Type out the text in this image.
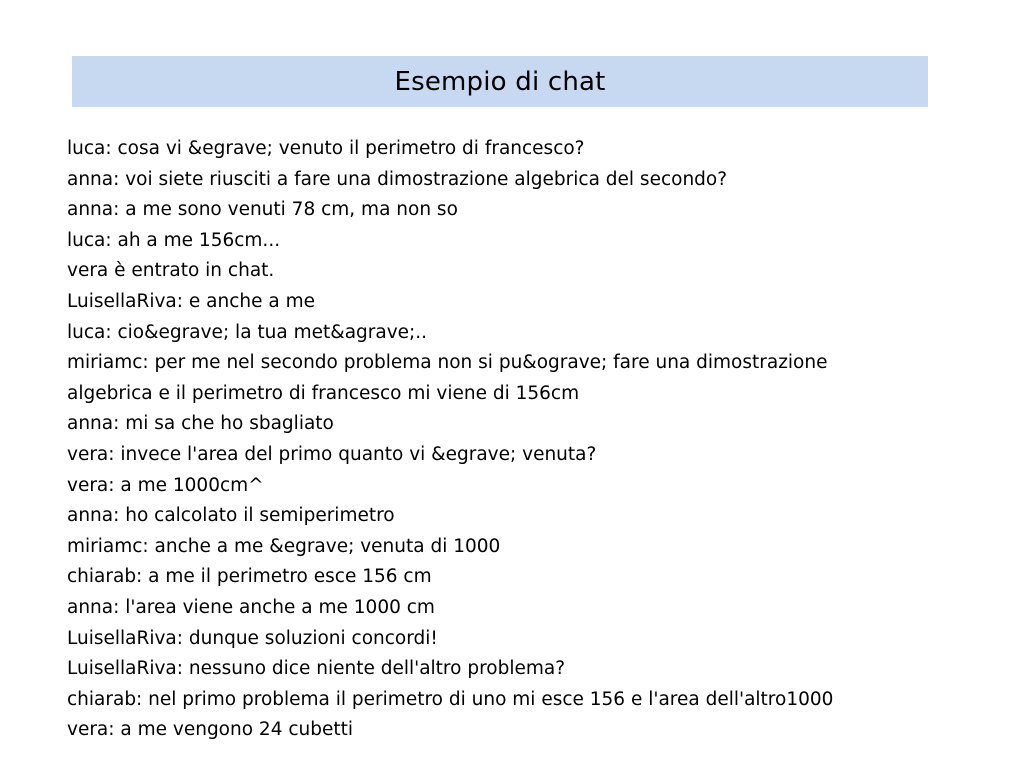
Esempio di chat
luca: cosa vi &egrave; venuto il perimetro di francesco?
anna: voi siete riusciti a fare una dimostrazione algebrica del secondo?
anna: a me sono venuti 78 cm, ma non so
luca: ah a me 156cm...
vera è entrato in chat.
LuisellaRiva: e anche a me
luca: cio&egrave; la tua met&agrave;..
miriamc: per me nel secondo problema non si pu&ograve; fare una dimostrazione
algebrica e il perimetro di francesco mi viene di 156cm
anna: mi sa che ho sbagliato
vera: invece l'area del primo quanto vi &egrave; venuta?
vera: a me 1000cm^
anna: ho calcolato il semiperimetro
miriamc: anche a me &egrave; venuta di 1000
chiarab: a me il perimetro esce 156 cm
anna: l'area viene anche a me 1000 cm
LuisellaRiva: dunque soluzioni concordi!
LuisellaRiva: nessuno dice niente dell'altro problema?
chiarab: nel primo problema il perimetro di uno mi esce 156 e l'area dell'altro1000
vera: a me vengono 24 cubetti
